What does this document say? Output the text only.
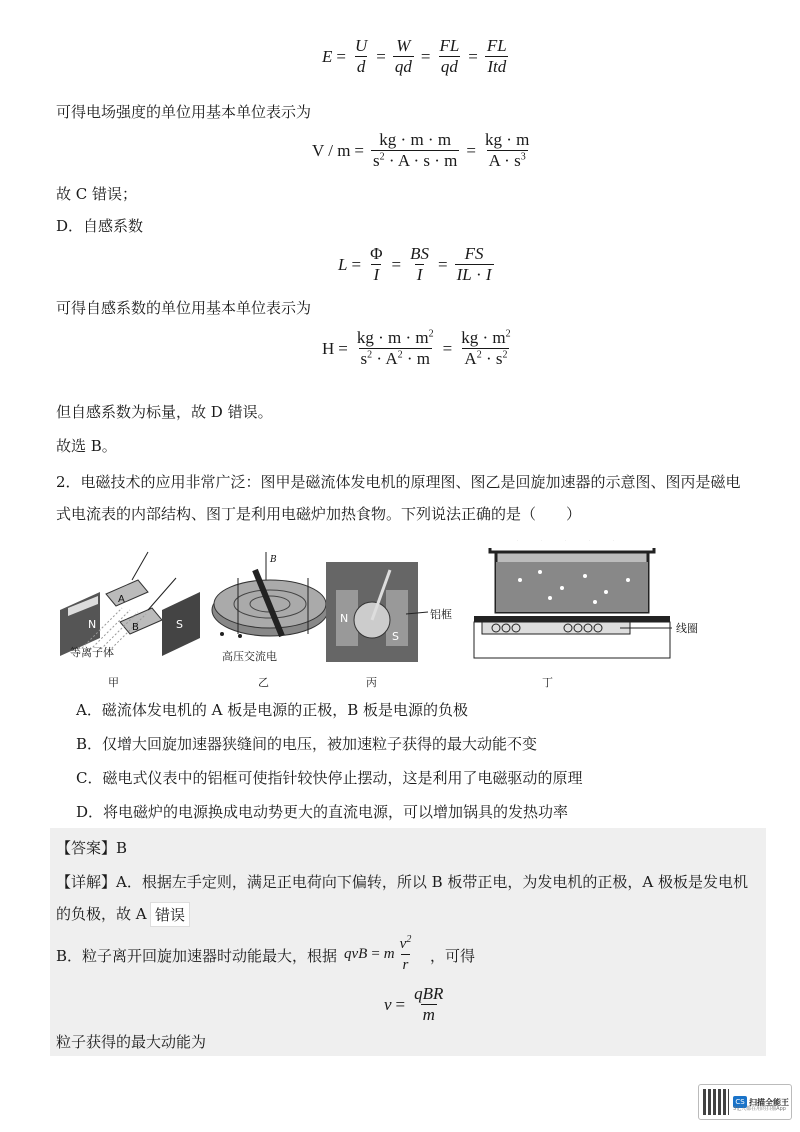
$E = \frac{U}{d} = \frac{W}{qd} = \frac{FL}{qd} = \frac{FL}{\text{Itd}}$
可得电场强度的单位用基本单位表示为
$V / m = \frac{kg \cdot m \cdot m}{s^2 \cdot A \cdot s \cdot m} = \frac{kg \cdot m}{A \cdot s^3}$
故 C 错误；
D．自感系数
$L = \frac{\Phi}{I} = \frac{BS}{I} = \frac{FS}{IL \cdot I}$
可得自感系数的单位用基本单位表示为
$H = \frac{kg \cdot m \cdot m^2}{s^2 \cdot A^2 \cdot m} = \frac{kg \cdot m^2}{A^2 \cdot s^2}$
但自感系数为标量，故 D 错误。
故选 B。
2．电磁技术的应用非常广泛：图甲是磁流体发电机的原理图、图乙是回旋加速器的示意图、图丙是磁电
式电流表的内部结构、图丁是利用电磁炉加热食物。下列说法正确的是（　　）
N
A
B	S
B
N
S
铝框
线圈
等离子体	高压交流电
甲	乙	丙	丁
A．磁流体发电机的 A 板是电源的正极，B 板是电源的负极
B．仅增大回旋加速器狭缝间的电压，被加速粒子获得的最大动能不变
C．磁电式仪表中的铝框可使指针较快停止摆动，这是利用了电磁驱动的原理
D．将电磁炉的电源换成电动势更大的直流电源，可以增加锅具的发热功率
【答案】B
【详解】A．根据左手定则，满足正电荷向下偏转，所以 B 板带正电，为发电机的正极，A 极板是发电机
的负极，故 A 错误
B．粒子离开回旋加速器时动能最大，根据 qvB = m $\frac{v^2}{r}$ ，可得
$v = \frac{\text{qBR}}{m}$
粒子获得的最大动能为
CS 扫描全能王
3亿人都在用的扫描App
